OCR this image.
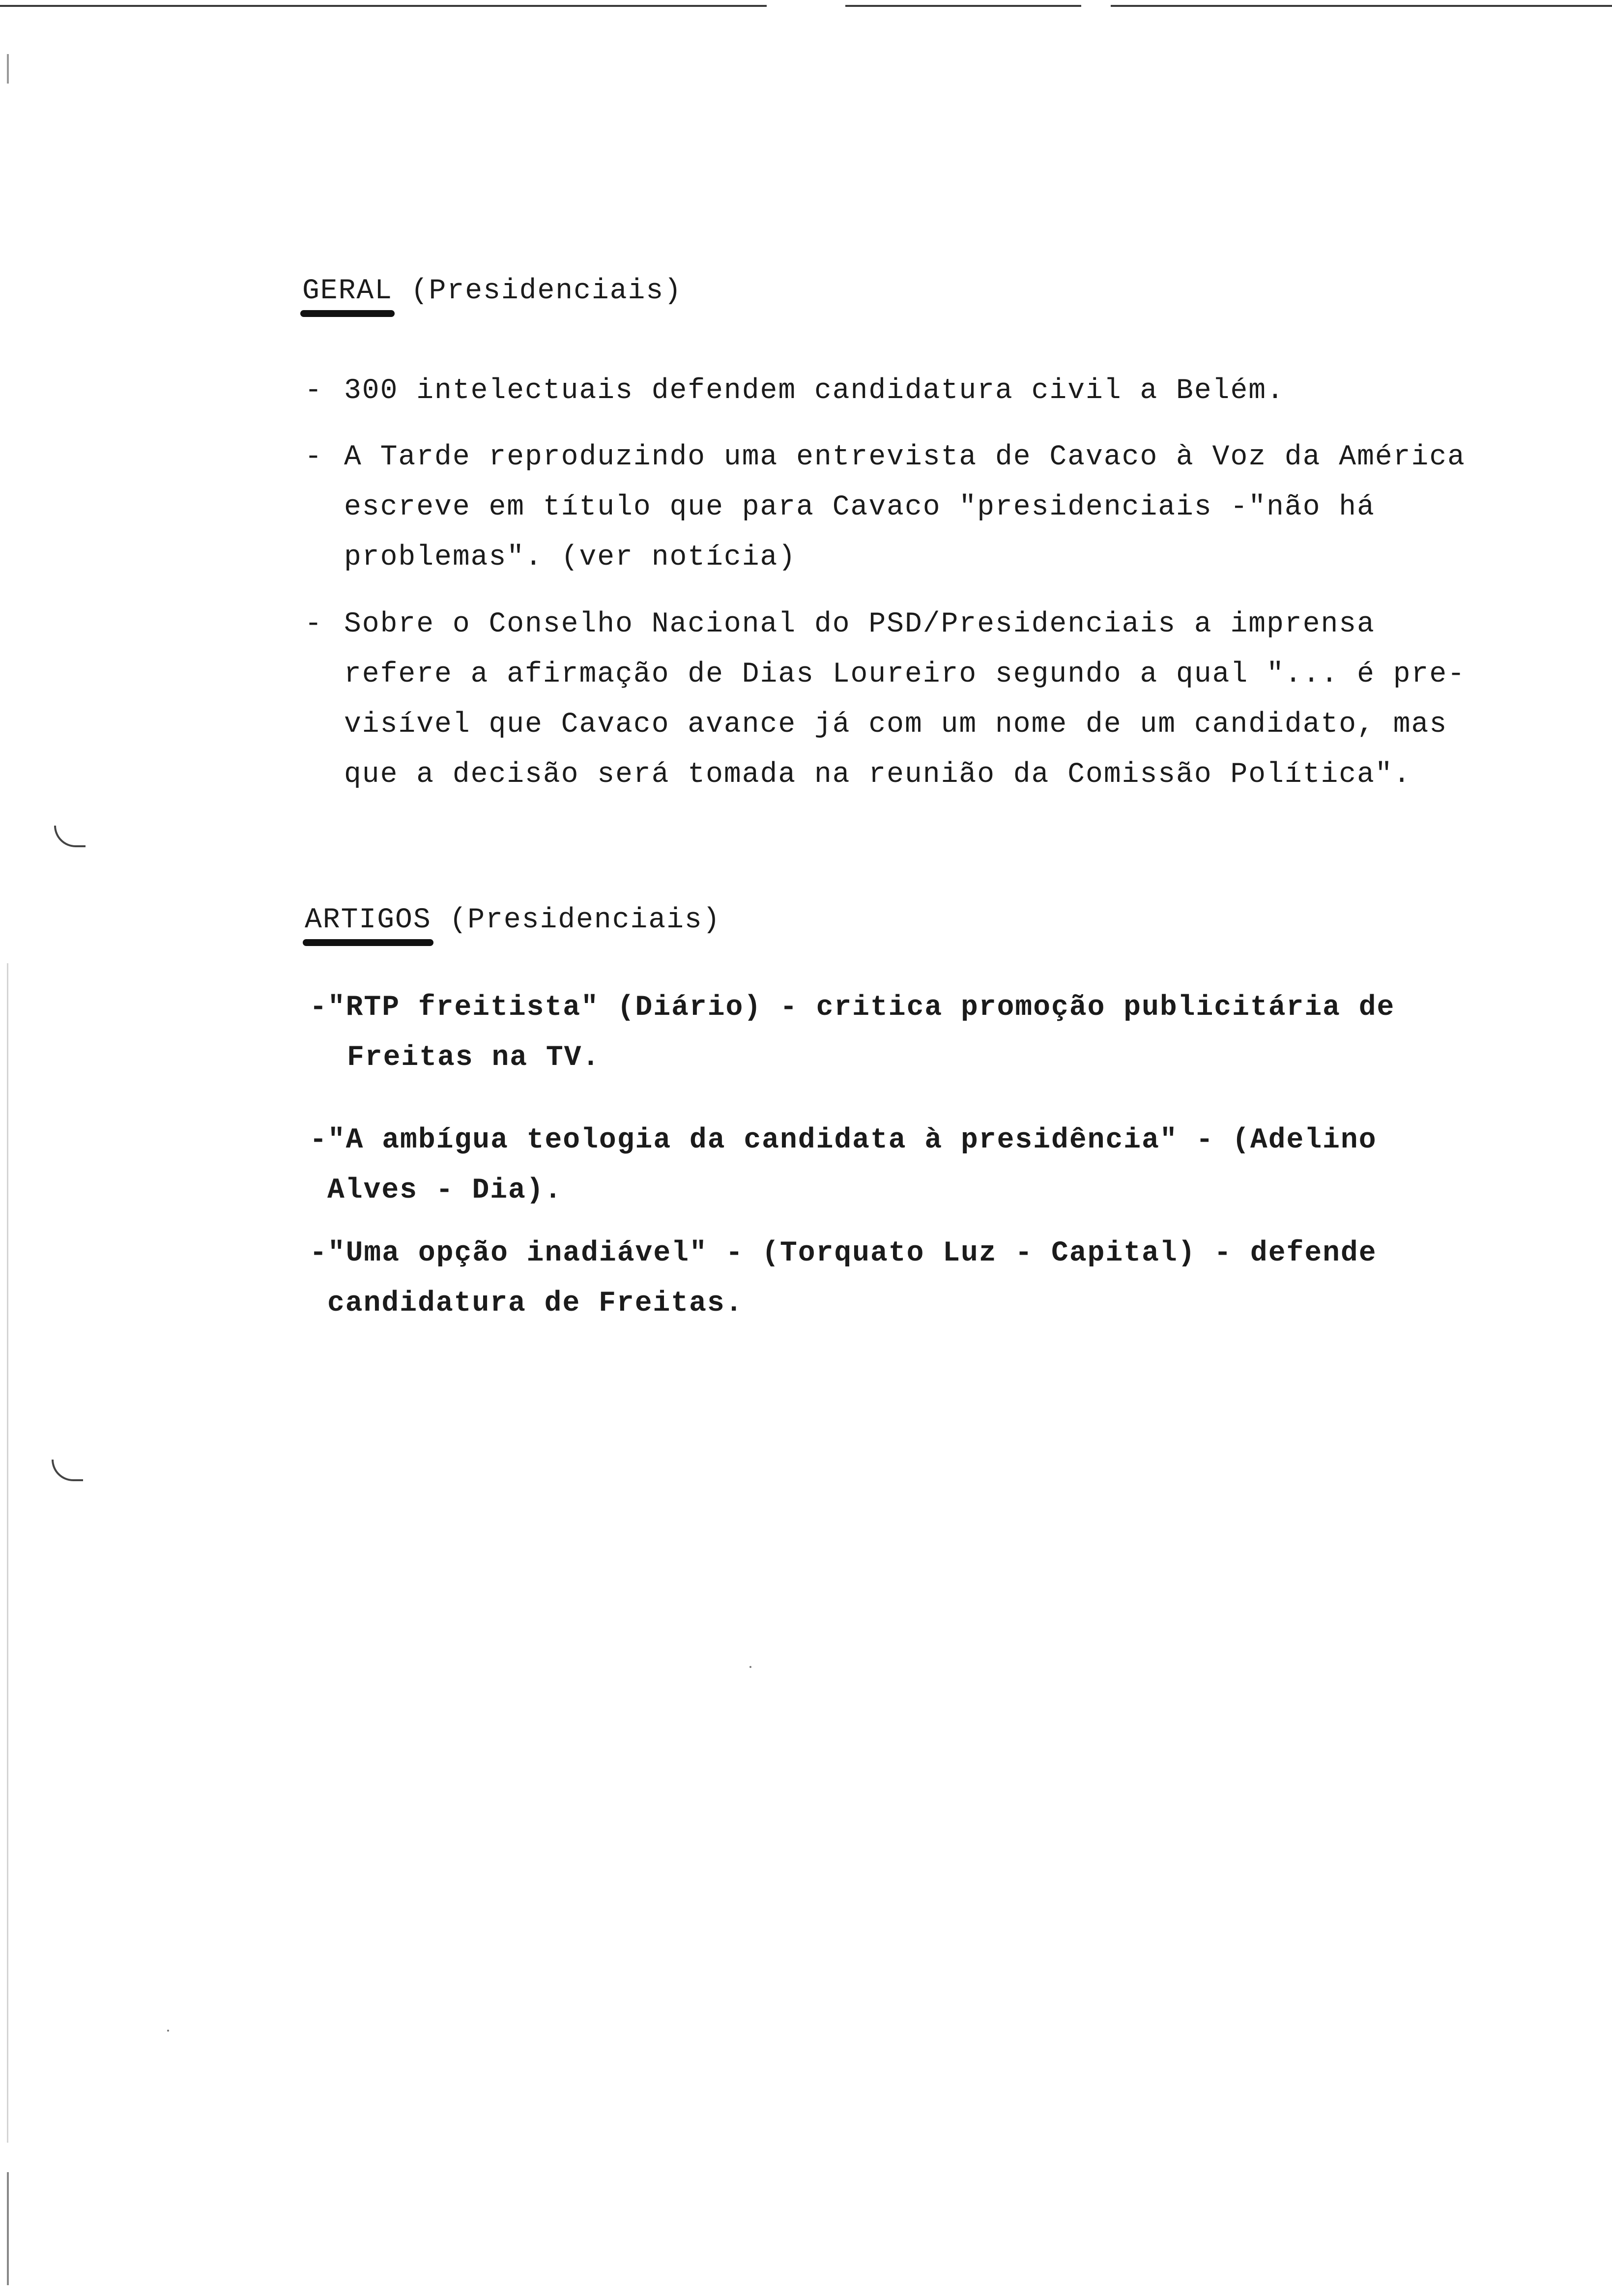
GERAL (Presidenciais)
- 300 intelectuais defendem candidatura civil a Belém.
- A Tarde reproduzindo uma entrevista de Cavaco à Voz da América
escreve em título que para Cavaco "presidenciais -"não há
problemas". (ver notícia)
- Sobre o Conselho Nacional do PSD/Presidenciais a imprensa
refere a afirmação de Dias Loureiro segundo a qual "... é pre-
visível que Cavaco avance já com um nome de um candidato, mas
que a decisão será tomada na reunião da Comissão Política".
ARTIGOS (Presidenciais)
-"RTP freitista" (Diário) - critica promoção publicitária de
Freitas na TV.
-"A ambígua teologia da candidata à presidência" - (Adelino
Alves - Dia).
-"Uma opção inadiável" - (Torquato Luz - Capital) - defende
candidatura de Freitas.
